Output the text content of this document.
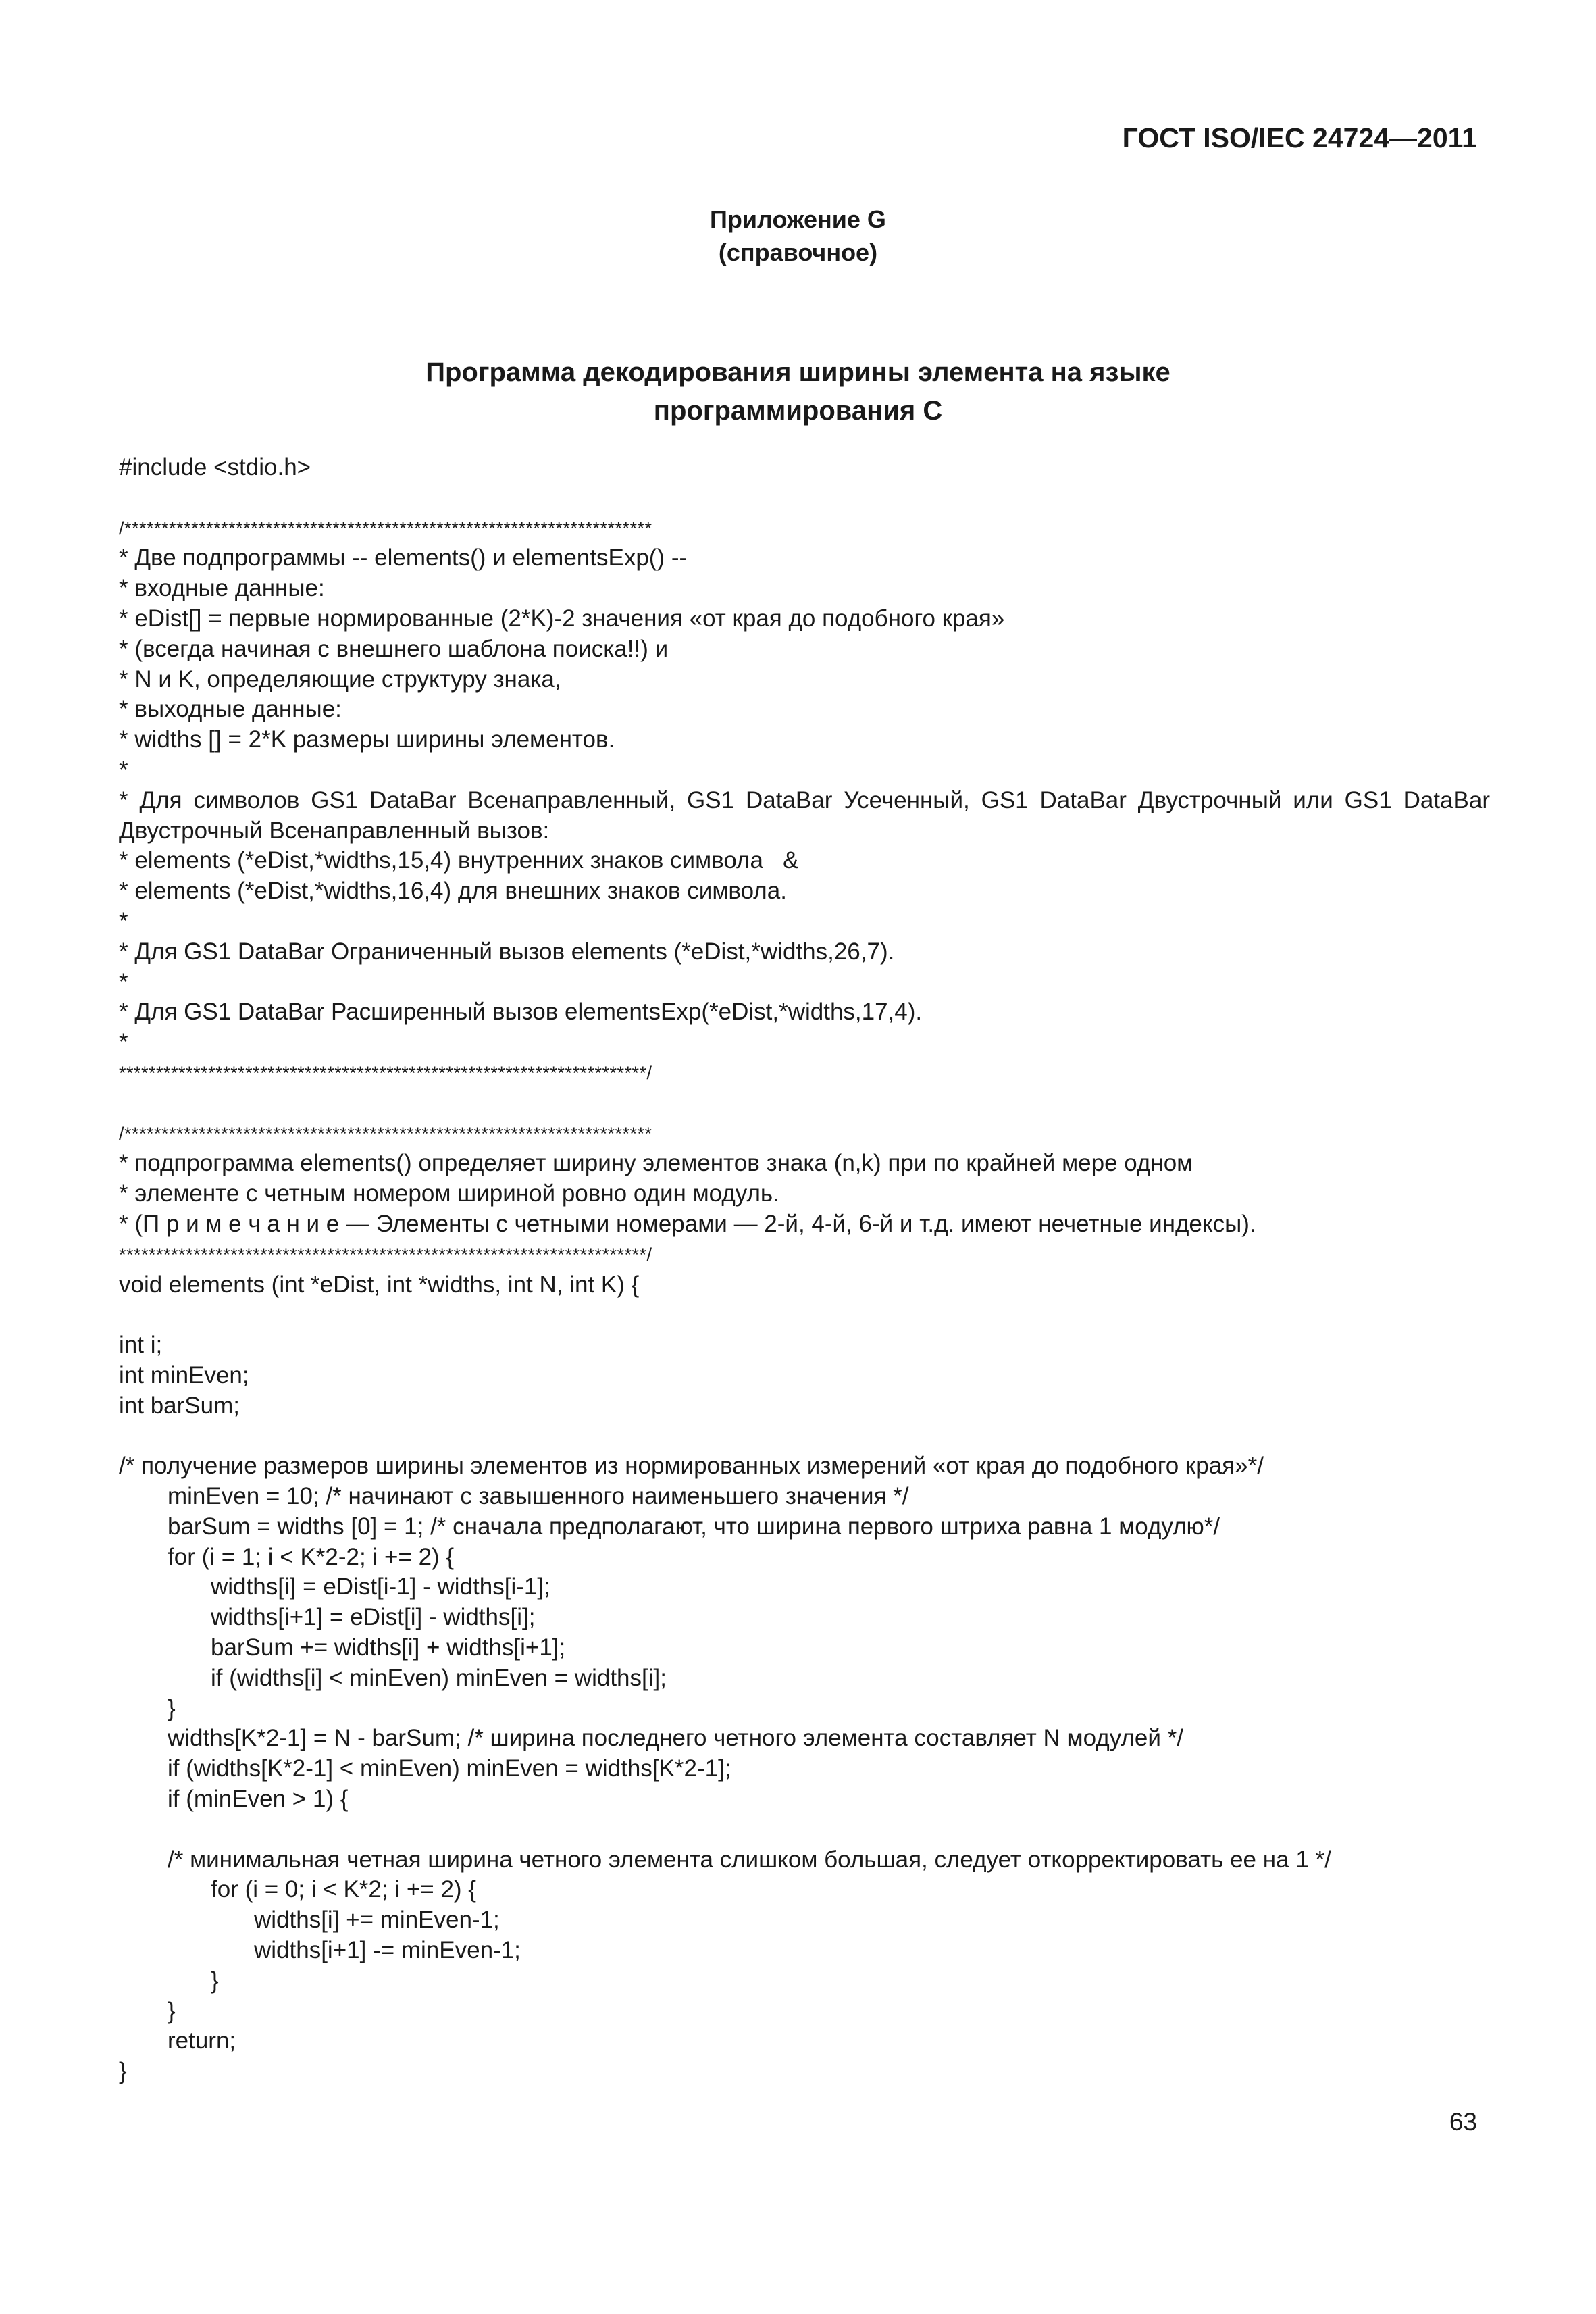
ГОСТ ISO/IEC 24724—2011
Приложение G
(справочное)
Программа декодирования ширины элемента на языке
программирования С
#include <stdio.h>
/***********************************************************************
* Две подпрограммы -- elements() и elementsExp() --
* входные данные:
* eDist[] = первые нормированные (2*K)-2 значения «от края до подобного края»
* (всегда начиная с внешнего шаблона поиска!!) и
* N и K, определяющие структуру знака,
* выходные данные:
* widths [] = 2*K размеры ширины элементов.
*
* Для символов GS1 DataBar Всенаправленный, GS1 DataBar Усеченный, GS1 DataBar Двустрочный или GS1 DataBar Двустрочный Всенаправленный вызов:
* elements (*eDist,*widths,15,4) внутренних знаков символа   &
* elements (*eDist,*widths,16,4) для внешних знаков символа.
*
* Для GS1 DataBar Ограниченный вызов elements (*eDist,*widths,26,7).
*
* Для GS1 DataBar Расширенный вызов elementsExp(*eDist,*widths,17,4).
*
***********************************************************************/
/***********************************************************************
* подпрограмма elements() определяет ширину элементов знака (n,k) при по крайней мере одном
* элементе с четным номером шириной ровно один модуль.
* (П р и м е ч а н и е — Элементы с четными номерами — 2-й, 4-й, 6-й и т.д. имеют нечетные индексы).
***********************************************************************/
void elements (int *eDist, int *widths, int N, int K) {
int i;
int minEven;
int barSum;
/* получение размеров ширины элементов из нормированных измерений «от края до подобного края»*/
minEven = 10; /* начинают с завышенного наименьшего значения */
barSum = widths [0] = 1; /* сначала предполагают, что ширина первого штриха равна 1 модулю*/
for (i = 1; i < K*2-2; i += 2) {
widths[i] = eDist[i-1] - widths[i-1];
widths[i+1] = eDist[i] - widths[i];
barSum += widths[i] + widths[i+1];
if (widths[i] < minEven) minEven = widths[i];
}
widths[K*2-1] = N - barSum; /* ширина последнего четного элемента составляет N модулей */
if (widths[K*2-1] < minEven) minEven = widths[K*2-1];
if (minEven > 1) {
/* минимальная четная ширина четного элемента слишком большая, следует откорректировать ее на 1 */
for (i = 0; i < K*2; i += 2) {
widths[i] += minEven-1;
widths[i+1] -= minEven-1;
}
}
return;
}
63
